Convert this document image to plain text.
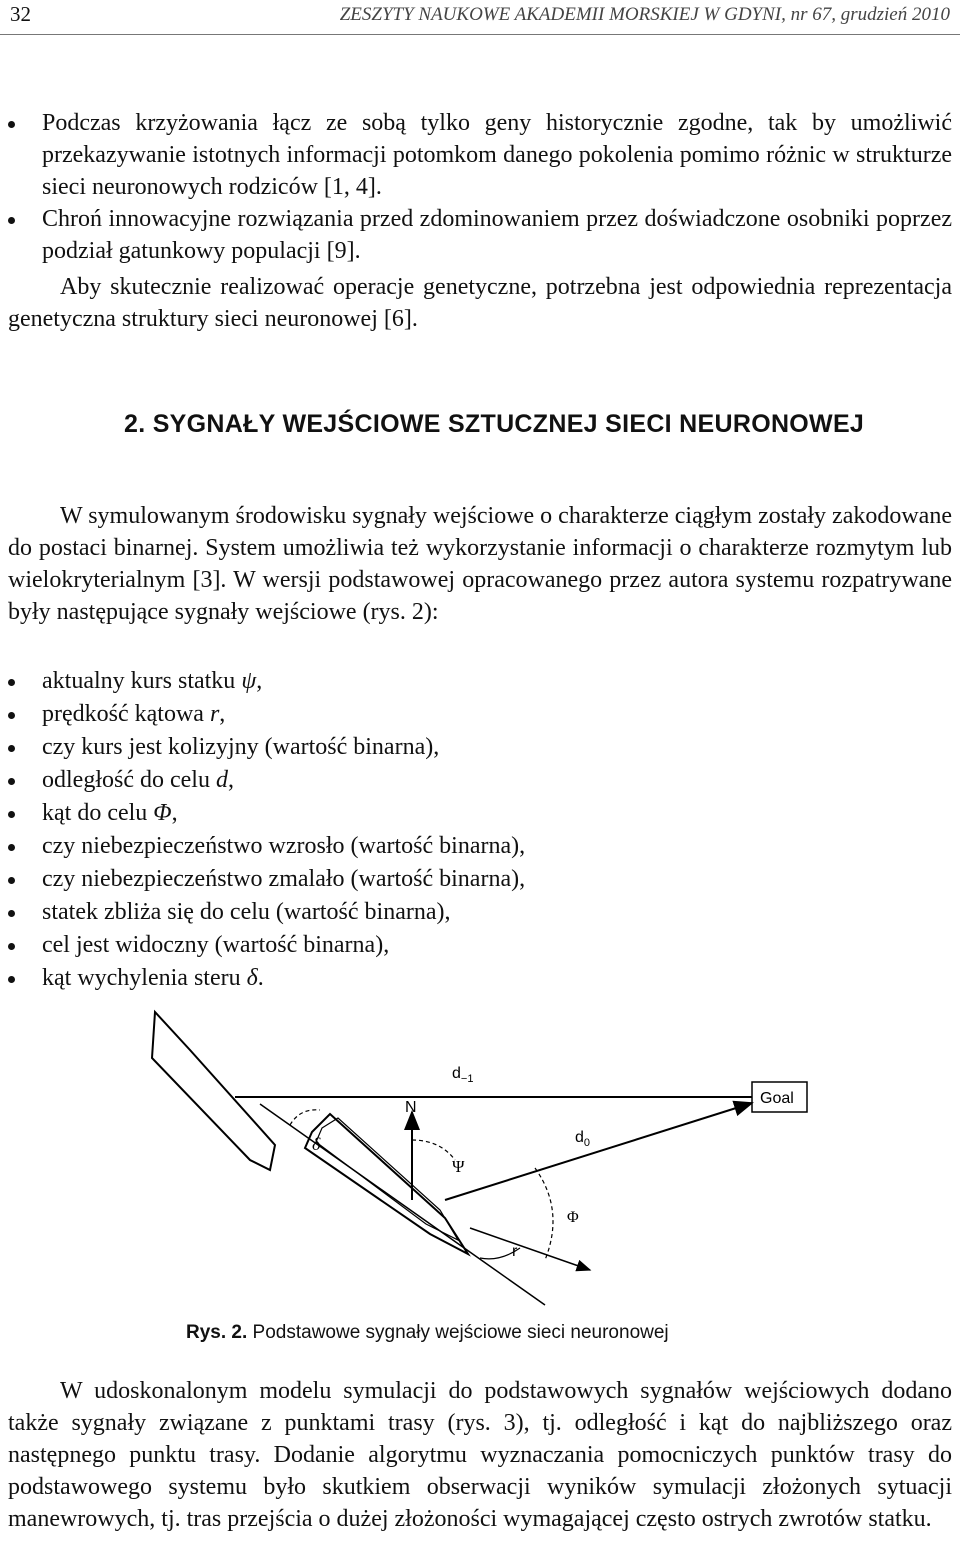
32	ZESZYTY NAUKOWE AKADEMII MORSKIEJ W GDYNI, nr 67, grudzień 2010
Podczas krzyżowania łącz ze sobą tylko geny historycznie zgodne, tak by umożliwić przekazywanie istotnych informacji potomkom danego pokolenia pomimo różnic w strukturze sieci neuronowych rodziców [1, 4].
Chroń innowacyjne rozwiązania przed zdominowaniem przez doświadczone osobniki poprzez podział gatunkowy populacji [9].
Aby skutecznie realizować operacje genetyczne, potrzebna jest odpowiednia reprezentacja genetyczna struktury sieci neuronowej [6].
2. SYGNAŁY WEJŚCIOWE SZTUCZNEJ SIECI NEURONOWEJ
W symulowanym środowisku sygnały wejściowe o charakterze ciągłym zostały zakodowane do postaci binarnej. System umożliwia też wykorzystanie informacji o charakterze rozmytym lub wielokryterialnym [3]. W wersji podstawowej opracowanego przez autora systemu rozpatrywane były następujące sygnały wejściowe (rys. 2):
aktualny kurs statku ψ,
prędkość kątowa r,
czy kurs jest kolizyjny (wartość binarna),
odległość do celu d,
kąt do celu Φ,
czy niebezpieczeństwo wzrosło (wartość binarna),
czy niebezpieczeństwo zmalało (wartość binarna),
statek zbliża się do celu (wartość binarna),
cel jest widoczny (wartość binarna),
kąt wychylenia steru δ.
Goal
N
$d_{-1}$
δ
Ψ
Φ
r
$d_0$
Rys. 2. Podstawowe sygnały wejściowe sieci neuronowej
W udoskonalonym modelu symulacji do podstawowych sygnałów wejściowych dodano także sygnały związane z punktami trasy (rys. 3), tj. odległość i kąt do najbliższego oraz następnego punktu trasy. Dodanie algorytmu wyznaczania pomocniczych punktów trasy do podstawowego systemu było skutkiem obserwacji wyników symulacji złożonych sytuacji manewrowych, tj. tras przejścia o dużej złożoności wymagającej często ostrych zwrotów statku.
